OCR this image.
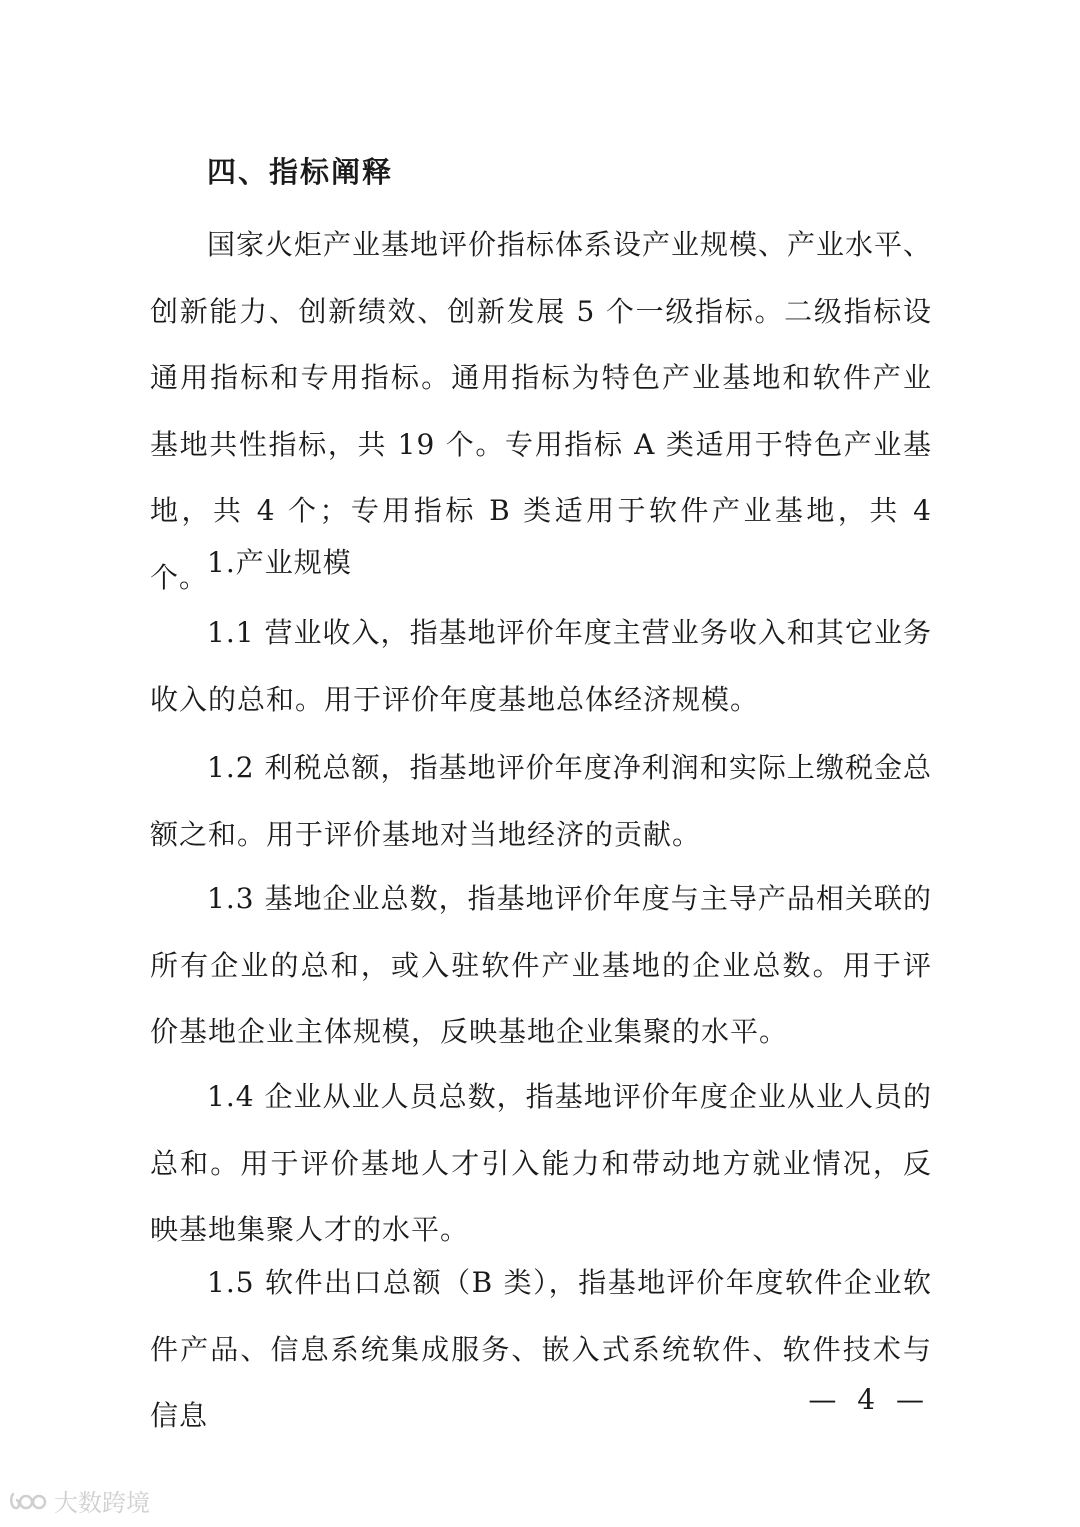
四、指标阐释
国家火炬产业基地评价指标体系设产业规模、产业水平、创新能力、创新绩效、创新发展 5 个一级指标。二级指标设通用指标和专用指标。通用指标为特色产业基地和软件产业基地共性指标，共 19 个。专用指标 A 类适用于特色产业基地，共 4 个；专用指标 B 类适用于软件产业基地，共 4 个。
1.产业规模
1.1 营业收入，指基地评价年度主营业务收入和其它业务收入的总和。用于评价年度基地总体经济规模。
1.2 利税总额，指基地评价年度净利润和实际上缴税金总额之和。用于评价基地对当地经济的贡献。
1.3 基地企业总数，指基地评价年度与主导产品相关联的所有企业的总和，或入驻软件产业基地的企业总数。用于评价基地企业主体规模，反映基地企业集聚的水平。
1.4 企业从业人员总数，指基地评价年度企业从业人员的总和。用于评价基地人才引入能力和带动地方就业情况，反映基地集聚人才的水平。
1.5 软件出口总额（B 类），指基地评价年度软件企业软件产品、信息系统集成服务、嵌入式系统软件、软件技术与信息	— 4 —
大数跨境
